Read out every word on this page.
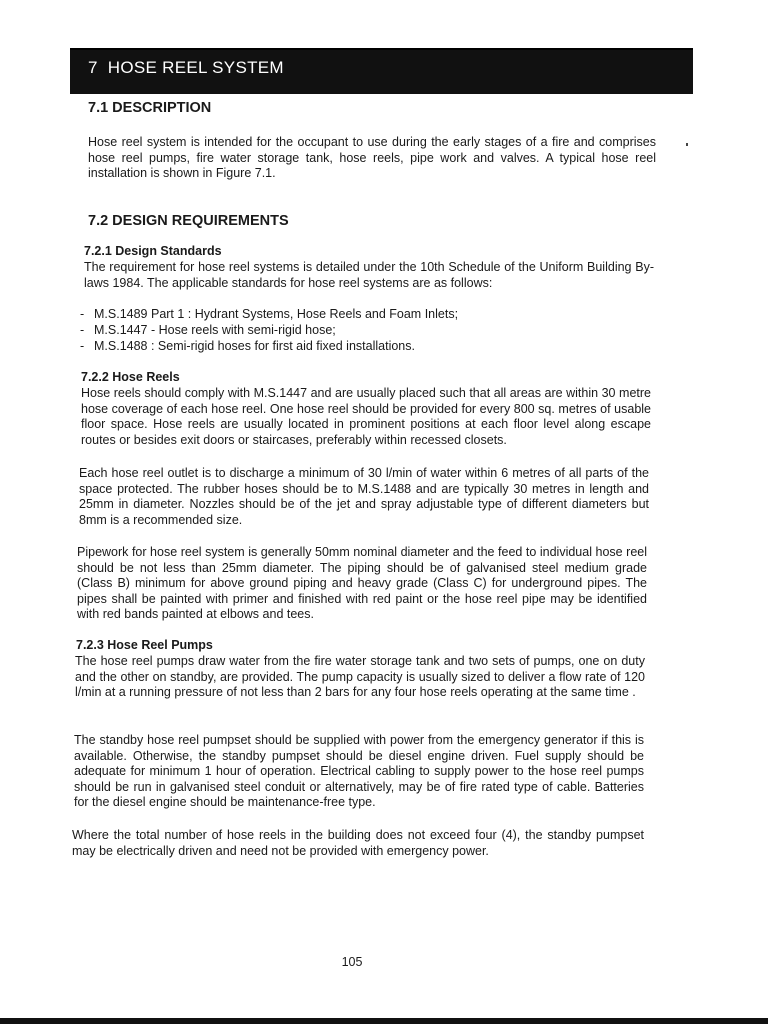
7 HOSE REEL SYSTEM
7.1 DESCRIPTION

Hose reel system is intended for the occupant to use during the early stages of a fire and comprises hose reel pumps, fire water storage tank, hose reels, pipe work and valves. A typical hose reel installation is shown in Figure 7.1.

7.2 DESIGN REQUIREMENTS
7.2.1 Design Standards

The requirement for hose reel systems is detailed under the 10th Schedule of the Uniform Building By-laws 1984. The applicable standards for hose reel systems are as follows:

- M.S.1489 Part 1 : Hydrant Systems, Hose Reels and Foam Inlets;
- M.S.1447 - Hose reels with semi-rigid hose;
- M.S.1488 : Semi-rigid hoses for first aid fixed installations.
7.2.2 Hose Reels

Hose reels should comply with M.S.1447 and are usually placed such that all areas are within 30 metre hose coverage of each hose reel. One hose reel should be provided for every 800 sq. metres of usable floor space. Hose reels are usually located in prominent positions at each floor level along escape routes or besides exit doors or staircases, preferably within recessed closets.

Each hose reel outlet is to discharge a minimum of 30 l/min of water within 6 metres of all parts of the space protected. The rubber hoses should be to M.S.1488 and are typically 30 metres in length and 25mm in diameter. Nozzles should be of the jet and spray adjustable type of different diameters but 8mm is a recommended size.

Pipework for hose reel system is generally 50mm nominal diameter and the feed to individual hose reel should be not less than 25mm diameter. The piping should be of galvanised steel medium grade (Class B) minimum for above ground piping and heavy grade (Class C) for underground pipes. The pipes shall be painted with primer and finished with red paint or the hose reel pipe may be identified with red bands painted at elbows and tees.

7.2.3 Hose Reel Pumps

The hose reel pumps draw water from the fire water storage tank and two sets of pumps, one on duty and the other on standby, are provided. The pump capacity is usually sized to deliver a flow rate of 120 l/min at a running pressure of not less than 2 bars for any four hose reels operating at the same time .

The standby hose reel pumpset should be supplied with power from the emergency generator if this is available. Otherwise, the standby pumpset should be diesel engine driven. Fuel supply should be adequate for minimum 1 hour of operation. Electrical cabling to supply power to the hose reel pumps should be run in galvanised steel conduit or alternatively, may be of fire rated type of cable. Batteries for the diesel engine should be maintenance-free type.

Where the total number of hose reels in the building does not exceed four (4), the standby pumpset may be electrically driven and need not be provided with emergency power.

105
